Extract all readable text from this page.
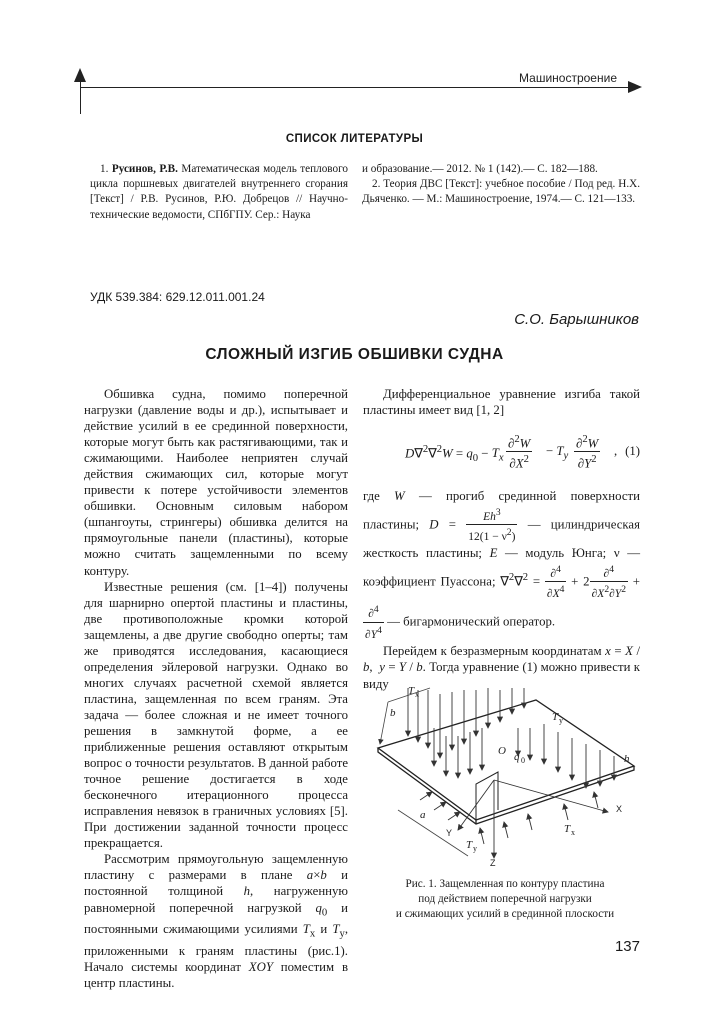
Машиностроение
СПИСОК ЛИТЕРАТУРЫ

1. Русинов, Р.В. Математическая модель теплового цикла поршневых двигателей внутреннего сгорания [Текст] / Р.В. Русинов, Р.Ю. Добрецов // Научно-технические ведомости, СПбГПУ. Сер.: Наука

и образование.— 2012. № 1 (142).— С. 182—188.

2. Теория ДВС [Текст]: учебное пособие / Под ред. Н.Х. Дьяченко. — М.: Машиностроение, 1974.— С. 121—133.

УДК 539.384: 629.12.011.001.24
С.О. Барышников
СЛОЖНЫЙ ИЗГИБ ОБШИВКИ СУДНА

Обшивка судна, помимо поперечной нагрузки (давление воды и др.), испытывает и действие усилий в ее срединной поверхности, которые могут быть как растягивающими, так и сжимающими. Наиболее неприятен случай действия сжимающих сил, которые могут привести к потере устойчивости элементов обшивки. Основным силовым набором (шпангоуты, стрингеры) обшивка делится на прямоугольные панели (пластины), которые можно считать защемленными по всему контуру.

Известные решения (см. [1–4]) получены для шарнирно опертой пластины и пластины, две противоположные кромки которой защемлены, а две другие свободно оперты; там же приводятся исследования, касающиеся определения эйлеровой нагрузки. Однако во многих случаях расчетной схемой является пластина, защемленная по всем граням. Эта задача — более сложная и не имеет точного решения в замкнутой форме, а ее приближенные решения оставляют открытым вопрос о точности результатов. В данной работе точное решение достигается в ходе бесконечного итерационного процесса исправления невязок в граничных условиях [5]. При достижении заданной точности процесс прекращается.

Рассмотрим прямоугольную защемленную пластину с размерами в плане a×b и постоянной толщиной h, нагруженную равномерной поперечной нагрузкой $q_0$ и постоянными сжимающими усилиями $T_x$ и $T_y$, приложенными к граням пластины (рис.1). Начало системы координат XOY поместим в центр пластины.

Дифференциальное уравнение изгиба такой пластины имеет вид [1, 2]

$D\nabla^2\nabla^2W = q_0 - T_x \frac{\partial^2W}{\partial X^2} - T_y \frac{\partial^2W}{\partial Y^2}$ , (1)

где W — прогиб срединной поверхности пластины; $D = \frac{Eh^3}{12(1 - \nu^2)}$ — цилиндрическая жесткость пластины; E — модуль Юнга; ν — коэффициент Пуассона; $\nabla^2\nabla^2 = \frac{\partial^4}{\partial X^4} + 2 \frac{\partial^4}{\partial X^2\partial Y^2}$ +
$\frac{\partial^4}{\partial Y^4}$ — бигармонический оператор.

Перейдем к безразмерным координатам x = X / b,  y = Y / b. Тогда уравнение (1) можно привести к виду

b
T x
T y
O q 0	h
a
T x
T y
X
Y
Z
Рис. 1. Защемленная по контуру пластина
под действием поперечной нагрузки
и сжимающих усилий в срединной плоскости
137
